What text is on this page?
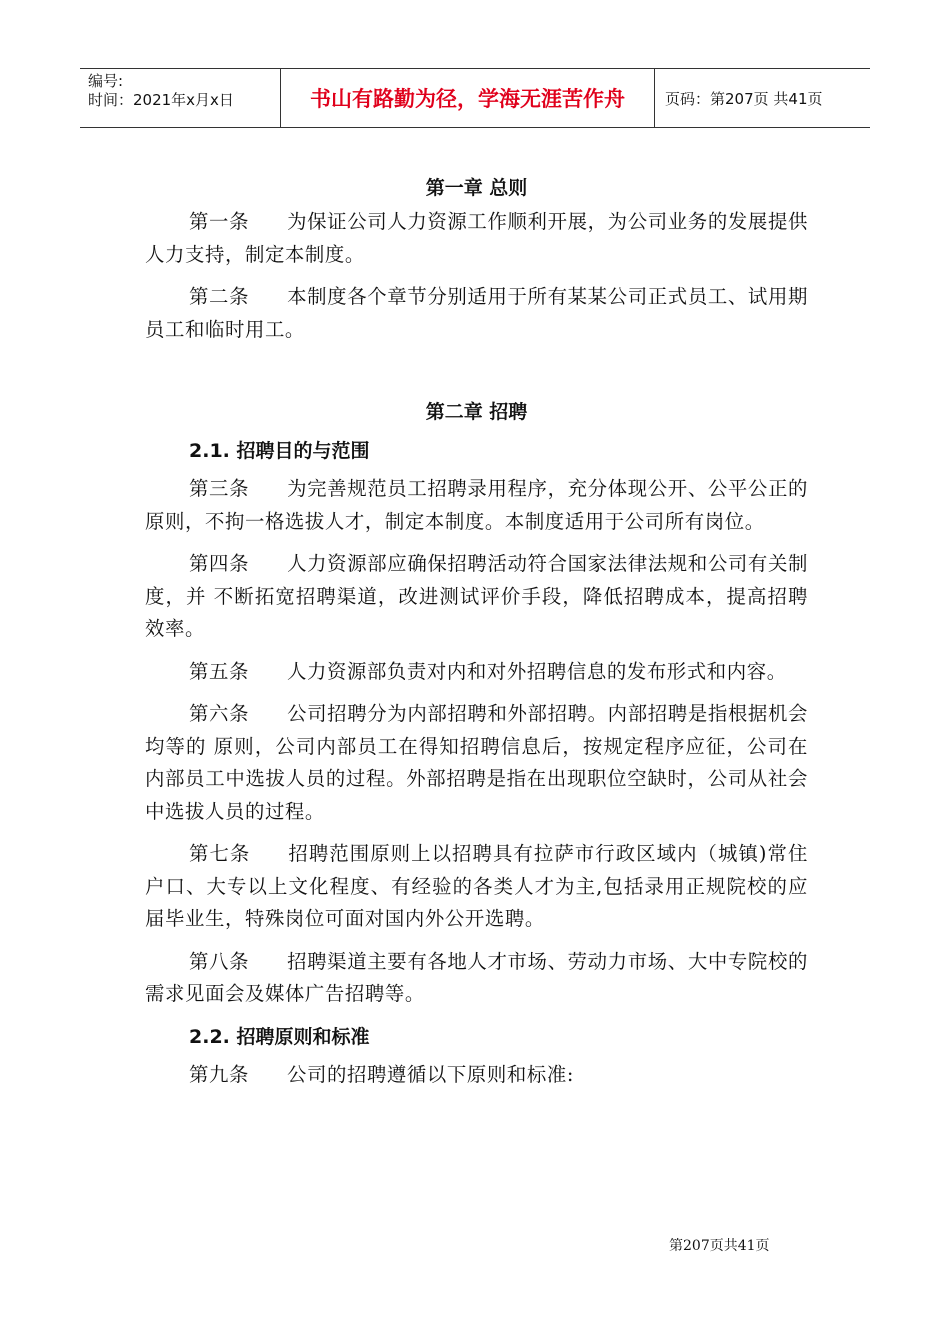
编号:
时间：2021年x月x日	书山有路勤为径，学海无涯苦作舟	页码：第207页 共41页
第一章 总则

第一条 为保证公司人力资源工作顺利开展，为公司业务的发展提供人力支持，制定本制度。

第二条 本制度各个章节分别适用于所有某某公司正式员工、试用期员工和临时用工。

第二章 招聘
2.1. 招聘目的与范围

第三条 为完善规范员工招聘录用程序，充分体现公开、公平公正的原则，不拘一格选拔人才，制定本制度。本制度适用于公司所有岗位。

第四条 人力资源部应确保招聘活动符合国家法律法规和公司有关制度，并 不断拓宽招聘渠道，改进测试评价手段，降低招聘成本，提高招聘效率。

第五条 人力资源部负责对内和对外招聘信息的发布形式和内容。

第六条 公司招聘分为内部招聘和外部招聘。内部招聘是指根据机会均等的 原则，公司内部员工在得知招聘信息后，按规定程序应征，公司在内部员工中选拔人员的过程。外部招聘是指在出现职位空缺时，公司从社会中选拔人员的过程。

第七条 招聘范围原则上以招聘具有拉萨市行政区域内（城镇)常住户口、大专以上文化程度、有经验的各类人才为主,包括录用正规院校的应届毕业生，特殊岗位可面对国内外公开选聘。

第八条 招聘渠道主要有各地人才市场、劳动力市场、大中专院校的需求见面会及媒体广告招聘等。

2.2. 招聘原则和标准

第九条 公司的招聘遵循以下原则和标准:

第207页共41页
